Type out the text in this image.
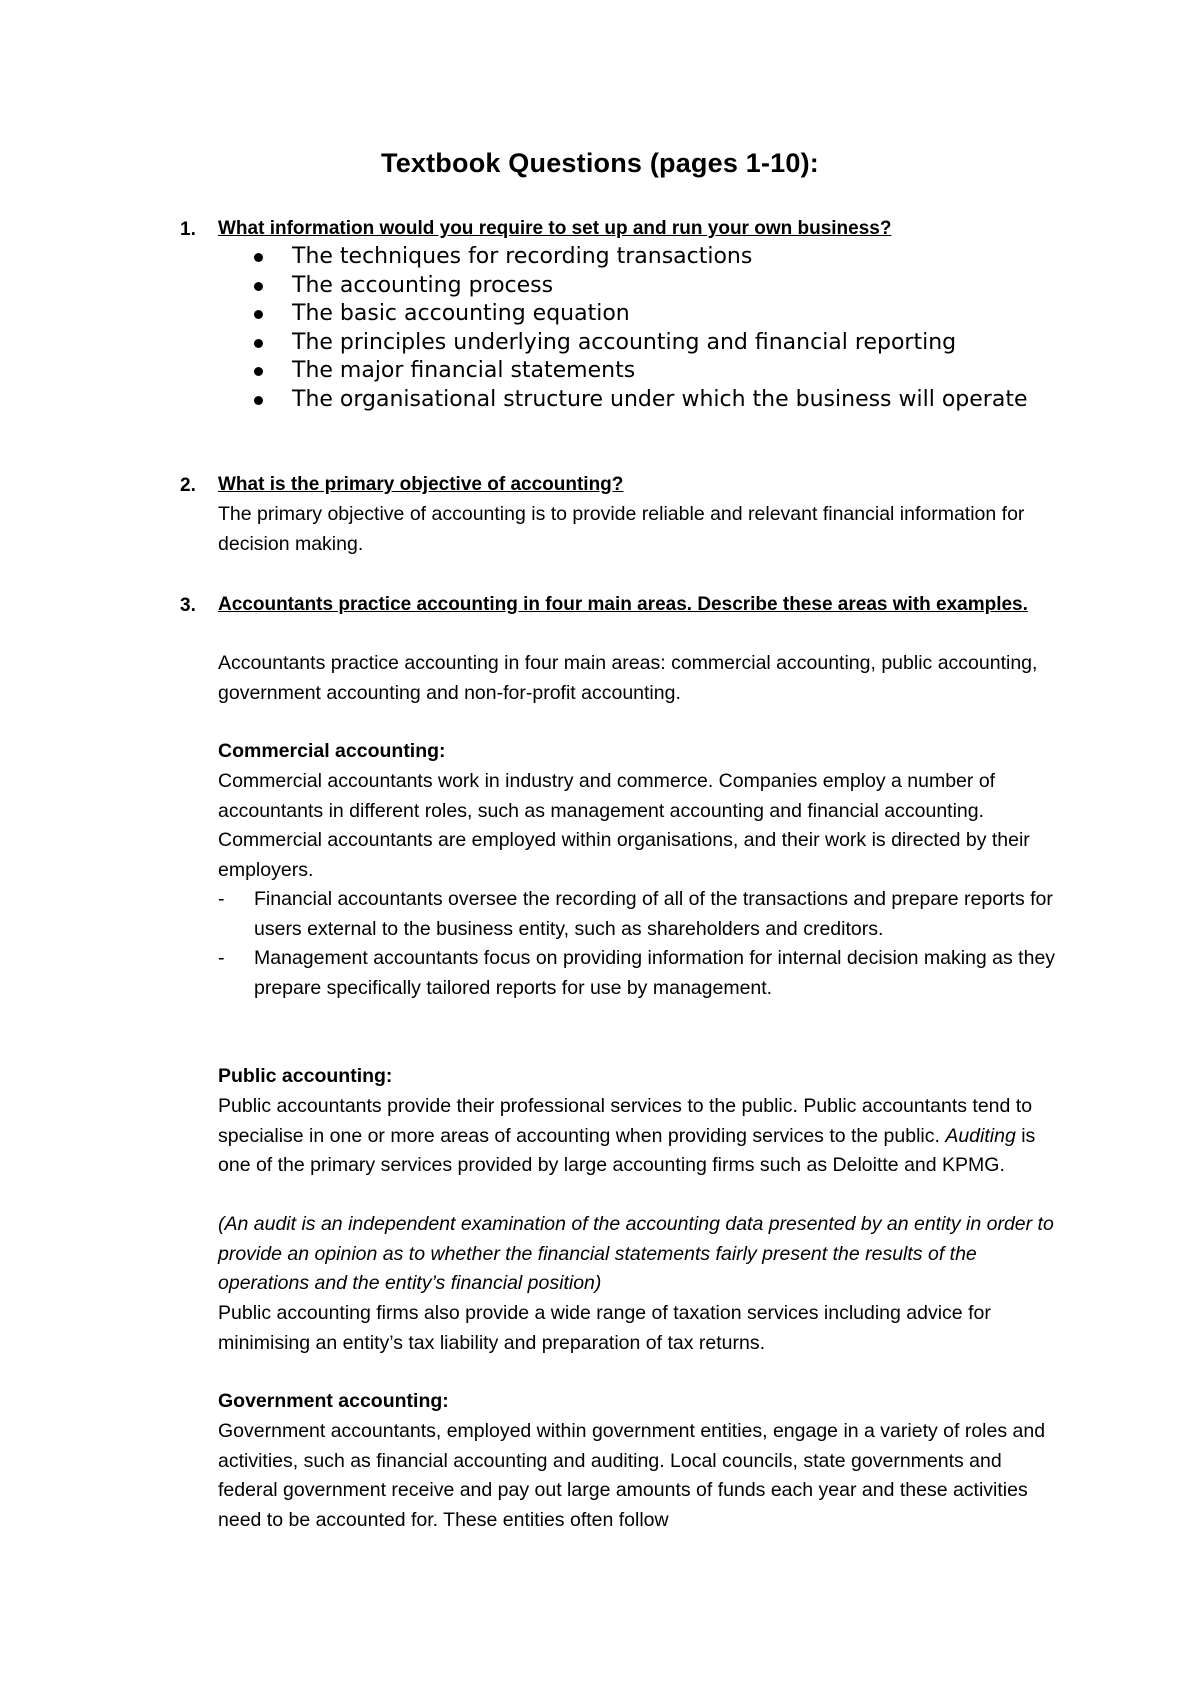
Textbook Questions (pages 1-10):
1. What information would you require to set up and run your own business?
The techniques for recording transactions
The accounting process
The basic accounting equation
The principles underlying accounting and financial reporting
The major financial statements
The organisational structure under which the business will operate
2. What is the primary objective of accounting?
The primary objective of accounting is to provide reliable and relevant financial information for decision making.
3. Accountants practice accounting in four main areas. Describe these areas with examples.
Accountants practice accounting in four main areas: commercial accounting, public accounting, government accounting and non-for-profit accounting.
Commercial accounting:
Commercial accountants work in industry and commerce. Companies employ a number of accountants in different roles, such as management accounting and financial accounting. Commercial accountants are employed within organisations, and their work is directed by their employers.
- Financial accountants oversee the recording of all of the transactions and prepare reports for users external to the business entity, such as shareholders and creditors.
- Management accountants focus on providing information for internal decision making as they prepare specifically tailored reports for use by management.
Public accounting:
Public accountants provide their professional services to the public. Public accountants tend to specialise in one or more areas of accounting when providing services to the public. Auditing is one of the primary services provided by large accounting firms such as Deloitte and KPMG.
(An audit is an independent examination of the accounting data presented by an entity in order to provide an opinion as to whether the financial statements fairly present the results of the operations and the entity’s financial position)
Public accounting firms also provide a wide range of taxation services including advice for minimising an entity’s tax liability and preparation of tax returns.
Government accounting:
Government accountants, employed within government entities, engage in a variety of roles and activities, such as financial accounting and auditing. Local councils, state governments and federal government receive and pay out large amounts of funds each year and these activities need to be accounted for. These entities often follow
